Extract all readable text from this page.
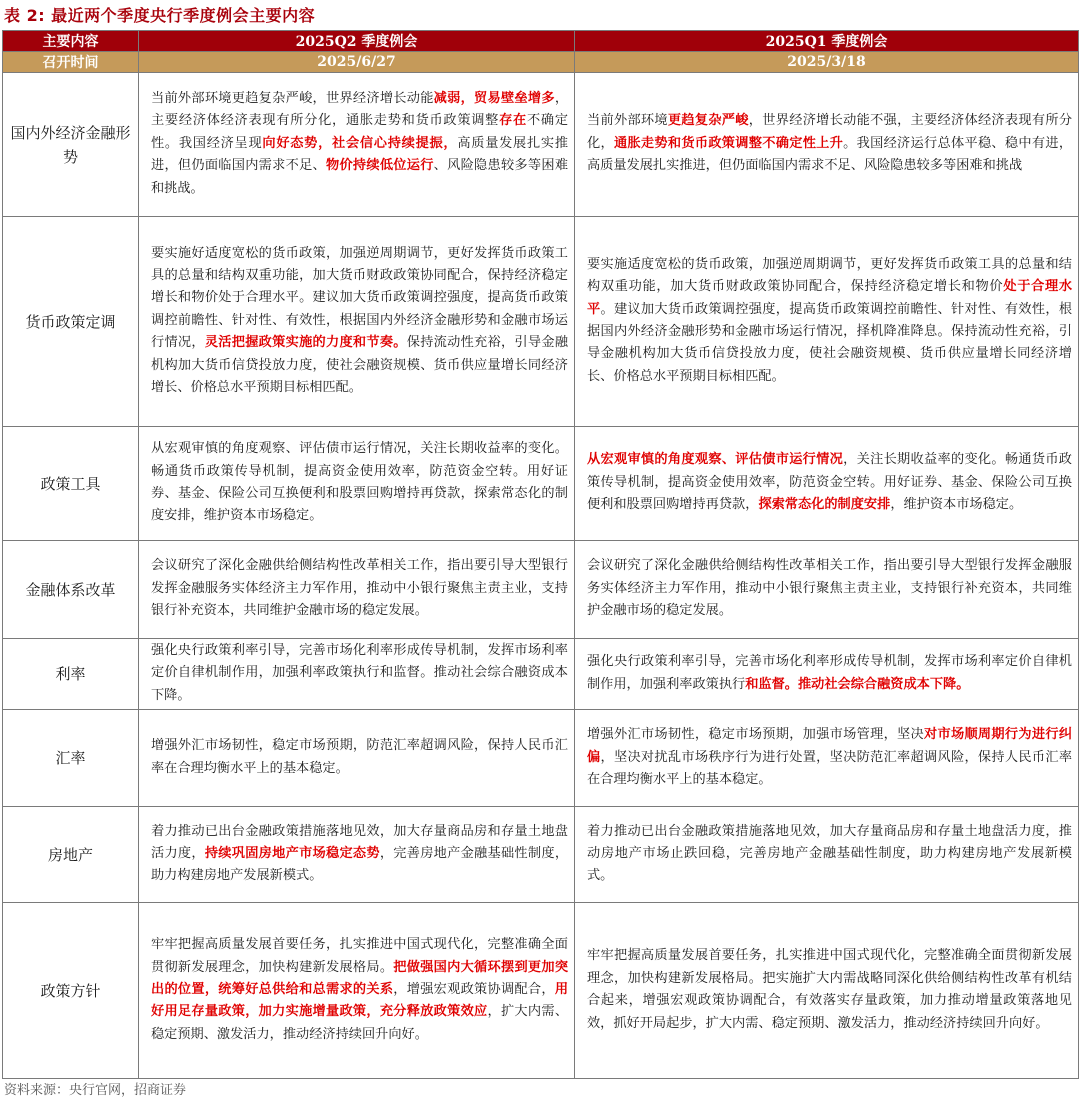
表 2: 最近两个季度央行季度例会主要内容
主要内容	2025Q2 季度例会	2025Q1 季度例会
召开时间	2025/6/27	2025/3/18
国内外经济金融形势	当前外部环境更趋复杂严峻，世界经济增长动能减弱，贸易壁垒增多，主要经济体经济表现有所分化，通胀走势和货币政策调整存在不确定性。我国经济呈现向好态势，社会信心持续提振，高质量发展扎实推进，但仍面临国内需求不足、物价持续低位运行、风险隐患较多等困难和挑战。	当前外部环境更趋复杂严峻，世界经济增长动能不强，主要经济体经济表现有所分化，通胀走势和货币政策调整不确定性上升。我国经济运行总体平稳、稳中有进，高质量发展扎实推进，但仍面临国内需求不足、风险隐患较多等困难和挑战
货币政策定调	要实施好适度宽松的货币政策，加强逆周期调节，更好发挥货币政策工具的总量和结构双重功能，加大货币财政政策协同配合，保持经济稳定增长和物价处于合理水平。建议加大货币政策调控强度，提高货币政策调控前瞻性、针对性、有效性，根据国内外经济金融形势和金融市场运行情况，灵活把握政策实施的力度和节奏。保持流动性充裕，引导金融机构加大货币信贷投放力度，使社会融资规模、货币供应量增长同经济增长、价格总水平预期目标相匹配。	要实施适度宽松的货币政策，加强逆周期调节，更好发挥货币政策工具的总量和结构双重功能，加大货币财政政策协同配合，保持经济稳定增长和物价处于合理水平。建议加大货币政策调控强度，提高货币政策调控前瞻性、针对性、有效性，根据国内外经济金融形势和金融市场运行情况，择机降准降息。保持流动性充裕，引导金融机构加大货币信贷投放力度，使社会融资规模、货币供应量增长同经济增长、价格总水平预期目标相匹配。
政策工具	从宏观审慎的角度观察、评估债市运行情况，关注长期收益率的变化。畅通货币政策传导机制，提高资金使用效率，防范资金空转。用好证券、基金、保险公司互换便利和股票回购增持再贷款，探索常态化的制度安排，维护资本市场稳定。	从宏观审慎的角度观察、评估债市运行情况，关注长期收益率的变化。畅通货币政策传导机制，提高资金使用效率，防范资金空转。用好证券、基金、保险公司互换便利和股票回购增持再贷款，探索常态化的制度安排，维护资本市场稳定。
金融体系改革	会议研究了深化金融供给侧结构性改革相关工作，指出要引导大型银行发挥金融服务实体经济主力军作用，推动中小银行聚焦主责主业，支持银行补充资本，共同维护金融市场的稳定发展。	会议研究了深化金融供给侧结构性改革相关工作，指出要引导大型银行发挥金融服务实体经济主力军作用，推动中小银行聚焦主责主业，支持银行补充资本，共同维护金融市场的稳定发展。
利率	强化央行政策利率引导，完善市场化利率形成传导机制，发挥市场利率定价自律机制作用，加强利率政策执行和监督。推动社会综合融资成本下降。	强化央行政策利率引导，完善市场化利率形成传导机制，发挥市场利率定价自律机制作用，加强利率政策执行和监督。推动社会综合融资成本下降。
汇率	增强外汇市场韧性，稳定市场预期，防范汇率超调风险，保持人民币汇率在合理均衡水平上的基本稳定。	增强外汇市场韧性，稳定市场预期，加强市场管理，坚决对市场顺周期行为进行纠偏，坚决对扰乱市场秩序行为进行处置，坚决防范汇率超调风险，保持人民币汇率在合理均衡水平上的基本稳定。
房地产	着力推动已出台金融政策措施落地见效，加大存量商品房和存量土地盘活力度，持续巩固房地产市场稳定态势，完善房地产金融基础性制度，助力构建房地产发展新模式。	着力推动已出台金融政策措施落地见效，加大存量商品房和存量土地盘活力度，推动房地产市场止跌回稳，完善房地产金融基础性制度，助力构建房地产发展新模式。
政策方针	牢牢把握高质量发展首要任务，扎实推进中国式现代化，完整准确全面贯彻新发展理念，加快构建新发展格局。把做强国内大循环摆到更加突出的位置，统筹好总供给和总需求的关系，增强宏观政策协调配合，用好用足存量政策，加力实施增量政策，充分释放政策效应，扩大内需、稳定预期、激发活力，推动经济持续回升向好。	牢牢把握高质量发展首要任务，扎实推进中国式现代化，完整准确全面贯彻新发展理念，加快构建新发展格局。把实施扩大内需战略同深化供给侧结构性改革有机结合起来，增强宏观政策协调配合，有效落实存量政策，加力推动增量政策落地见效，抓好开局起步，扩大内需、稳定预期、激发活力，推动经济持续回升向好。
资料来源：央行官网，招商证券
